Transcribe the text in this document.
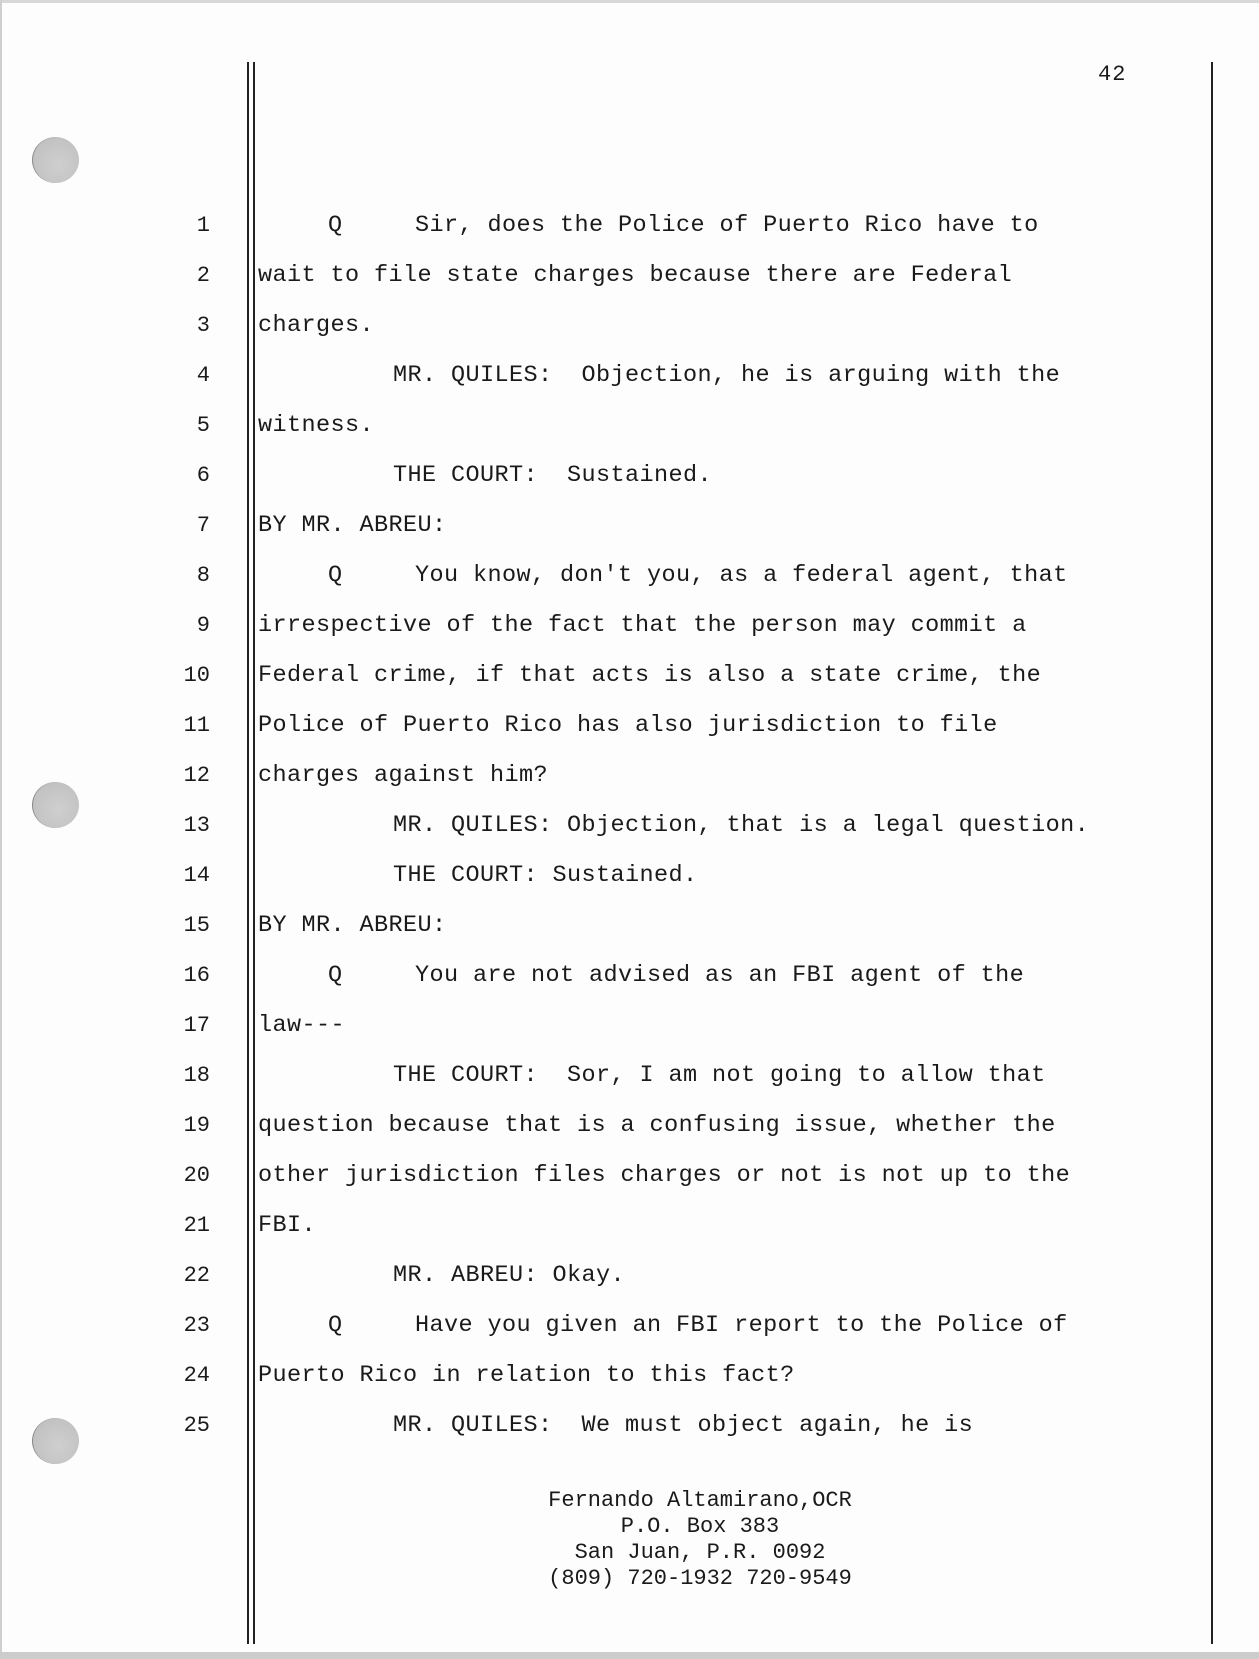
42
1	Q     Sir, does the Police of Puerto Rico have to
2 wait to file state charges because there are Federal
3 charges.
4	MR. QUILES:  Objection, he is arguing with the
5 witness.
6	THE COURT:  Sustained.
7 BY MR. ABREU:
8	Q     You know, don't you, as a federal agent, that
9 irrespective of the fact that the person may commit a
10 Federal crime, if that acts is also a state crime, the
11 Police of Puerto Rico has also jurisdiction to file
12 charges against him?
13	MR. QUILES: Objection, that is a legal question.
14	THE COURT: Sustained.
15 BY MR. ABREU:
16	Q     You are not advised as an FBI agent of the
17 law---
18	THE COURT:  Sor, I am not going to allow that
19 question because that is a confusing issue, whether the
20 other jurisdiction files charges or not is not up to the
21 FBI.
22	MR. ABREU: Okay.
23	Q     Have you given an FBI report to the Police of
24 Puerto Rico in relation to this fact?
25	MR. QUILES:  We must object again, he is
Fernando Altamirano,OCR
P.O. Box 383
San Juan, P.R. 0092
(809) 720-1932 720-9549
